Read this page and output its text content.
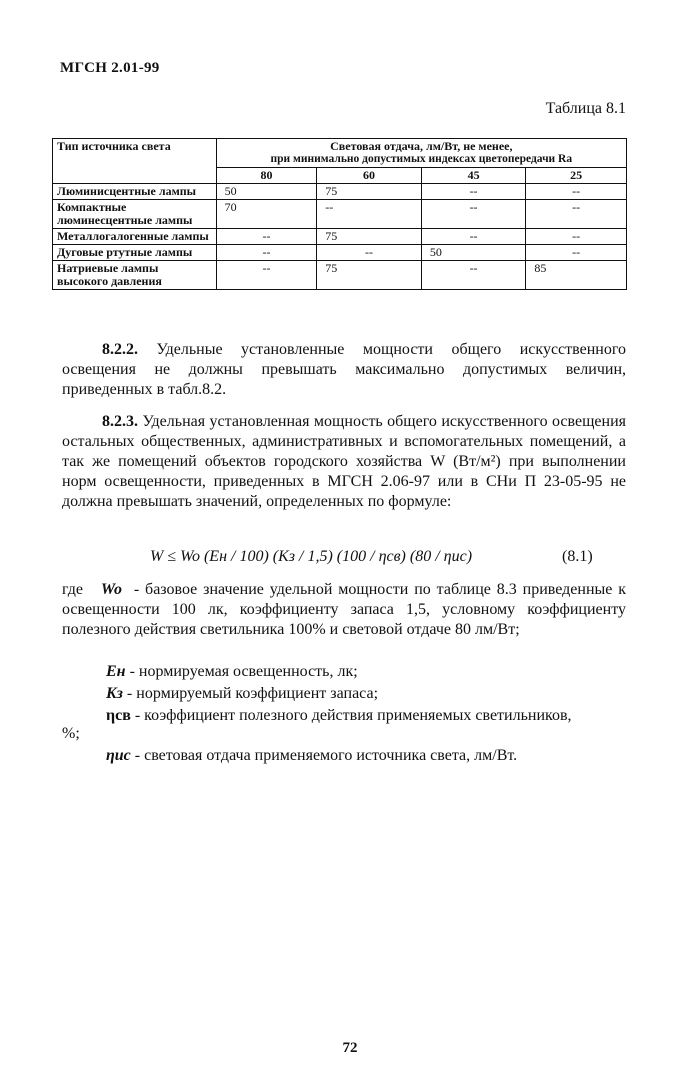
МГСН 2.01-99
Таблица 8.1
Тип источника света	Световая отдача, лм/Вт, не менее,
при минимально допустимых индексах цветопередачи Ra			

	80	60	45	25
Люминисцентные лампы	50	75	--	--
Компактные люминесцентные лампы	70	--	--	--
Металлогалогенные лампы	--	75	--	--
Дуговые ртутные лампы	--	--	50	--
Натриевые лампы высокого давления	--	75	--	85
8.2.2. Удельные установленные мощности общего искусственного освещения не должны превышать максимально допустимых величин, приведенных в табл.8.2.
8.2.3. Удельная установленная мощность общего искусственного освещения остальных общественных, административных и вспомогательных помещений, а так же помещений объектов городского хозяйства W (Вт/м²) при выполнении норм освещенности, приведенных в МГСН 2.06-97 или в СНи П 23-05-95 не должна превышать значений, определенных по формуле:
W ≤ Wo (Eн / 100) (Kз / 1,5) (100 / ηсв) (80 / ηис)	(8.1)
где Wo - базовое значение удельной мощности по таблице 8.3 приведенные к освещенности 100 лк, коэффициенту запаса 1,5, условному коэффициенту полезного действия светильника 100% и световой отдаче 80 лм/Вт;
Eн - нормируемая освещенность, лк;
Kз - нормируемый коэффициент запаса;
ηсв - коэффициент полезного действия применяемых светильников,
%;
ηис - световая отдача применяемого источника света, лм/Вт.
72
